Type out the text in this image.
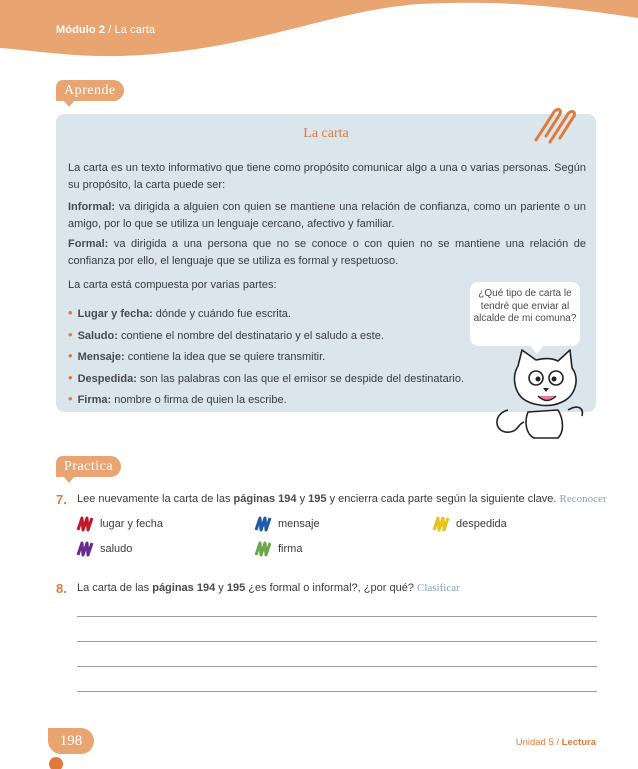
Módulo 2 / La carta
Aprende
La carta
La carta es un texto informativo que tiene como propósito comunicar algo a una o varias personas. Según su propósito, la carta puede ser:
Informal: va dirigida a alguien con quien se mantiene una relación de confianza, como un pariente o un amigo, por lo que se utiliza un lenguaje cercano, afectivo y familiar.
Formal: va dirigida a una persona que no se conoce o con quien no se mantiene una relación de confianza por ello, el lenguaje que se utiliza es formal y respetuoso.
La carta está compuesta por varias partes:
• Lugar y fecha: dónde y cuándo fue escrita.
• Saludo: contiene el nombre del destinatario y el saludo a este.
• Mensaje: contiene la idea que se quiere transmitir.
• Despedida: son las palabras con las que el emisor se despide del destinatario.
• Firma: nombre o firma de quien la escribe.
¿Qué tipo de carta le tendré que enviar al alcalde de mi comuna?
Practica
7. Lee nuevamente la carta de las páginas 194 y 195 y encierra cada parte según la siguiente clave. Reconocer
lugar y fecha	mensaje	despedida
saludo	firma
8. La carta de las páginas 194 y 195 ¿es formal o informal?, ¿por qué? Clasificar
198	Unidad 5 / Lectura
